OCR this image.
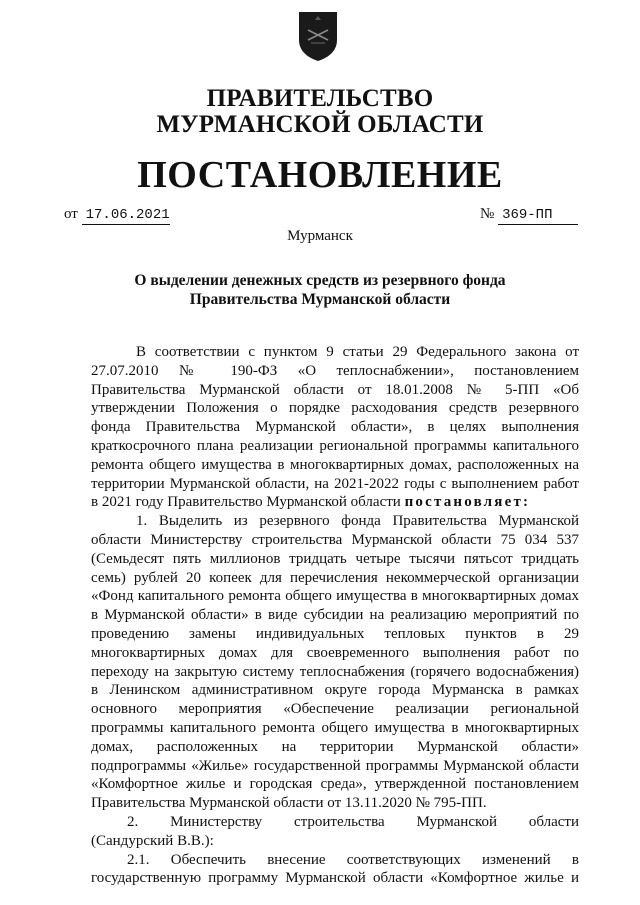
ПРАВИТЕЛЬСТВО
МУРМАНСКОЙ ОБЛАСТИ
ПОСТАНОВЛЕНИЕ
от 17.06.2021	№ 369-ПП
Мурманск
О выделении денежных средств из резервного фонда
Правительства Мурманской области
В соответствии с пунктом 9 статьи 29 Федерального закона от
27.07.2010 № 190-ФЗ «О теплоснабжении», постановлением
Правительства Мурманской области от 18.01.2008 № 5-ПП «Об
утверждении Положения о порядке расходования средств резервного
фонда Правительства Мурманской области», в целях выполнения
краткосрочного плана реализации региональной программы капитального
ремонта общего имущества в многоквартирных домах, расположенных на
территории Мурманской области, на 2021-2022 годы с выполнением работ
в 2021 году Правительство Мурманской области постановляет:
1. Выделить из резервного фонда Правительства Мурманской
области Министерству строительства Мурманской области 75 034 537
(Семьдесят пять миллионов тридцать четыре тысячи пятьсот тридцать
семь) рублей 20 копеек для перечисления некоммерческой организации
«Фонд капитального ремонта общего имущества в многоквартирных домах
в Мурманской области» в виде субсидии на реализацию мероприятий по
проведению замены индивидуальных тепловых пунктов в 29
многоквартирных домах для своевременного выполнения работ по
переходу на закрытую систему теплоснабжения (горячего водоснабжения)
в Ленинском административном округе города Мурманска в рамках
основного мероприятия «Обеспечение реализации региональной
программы капитального ремонта общего имущества в многоквартирных
домах, расположенных на территории Мурманской области»
подпрограммы «Жилье» государственной программы Мурманской области
«Комфортное жилье и городская среда», утвержденной постановлением
Правительства Мурманской области от 13.11.2020 № 795-ПП.
2. Министерству строительства Мурманской области
(Сандурский В.В.):
2.1. Обеспечить внесение соответствующих изменений в
государственную программу Мурманской области «Комфортное жилье и
